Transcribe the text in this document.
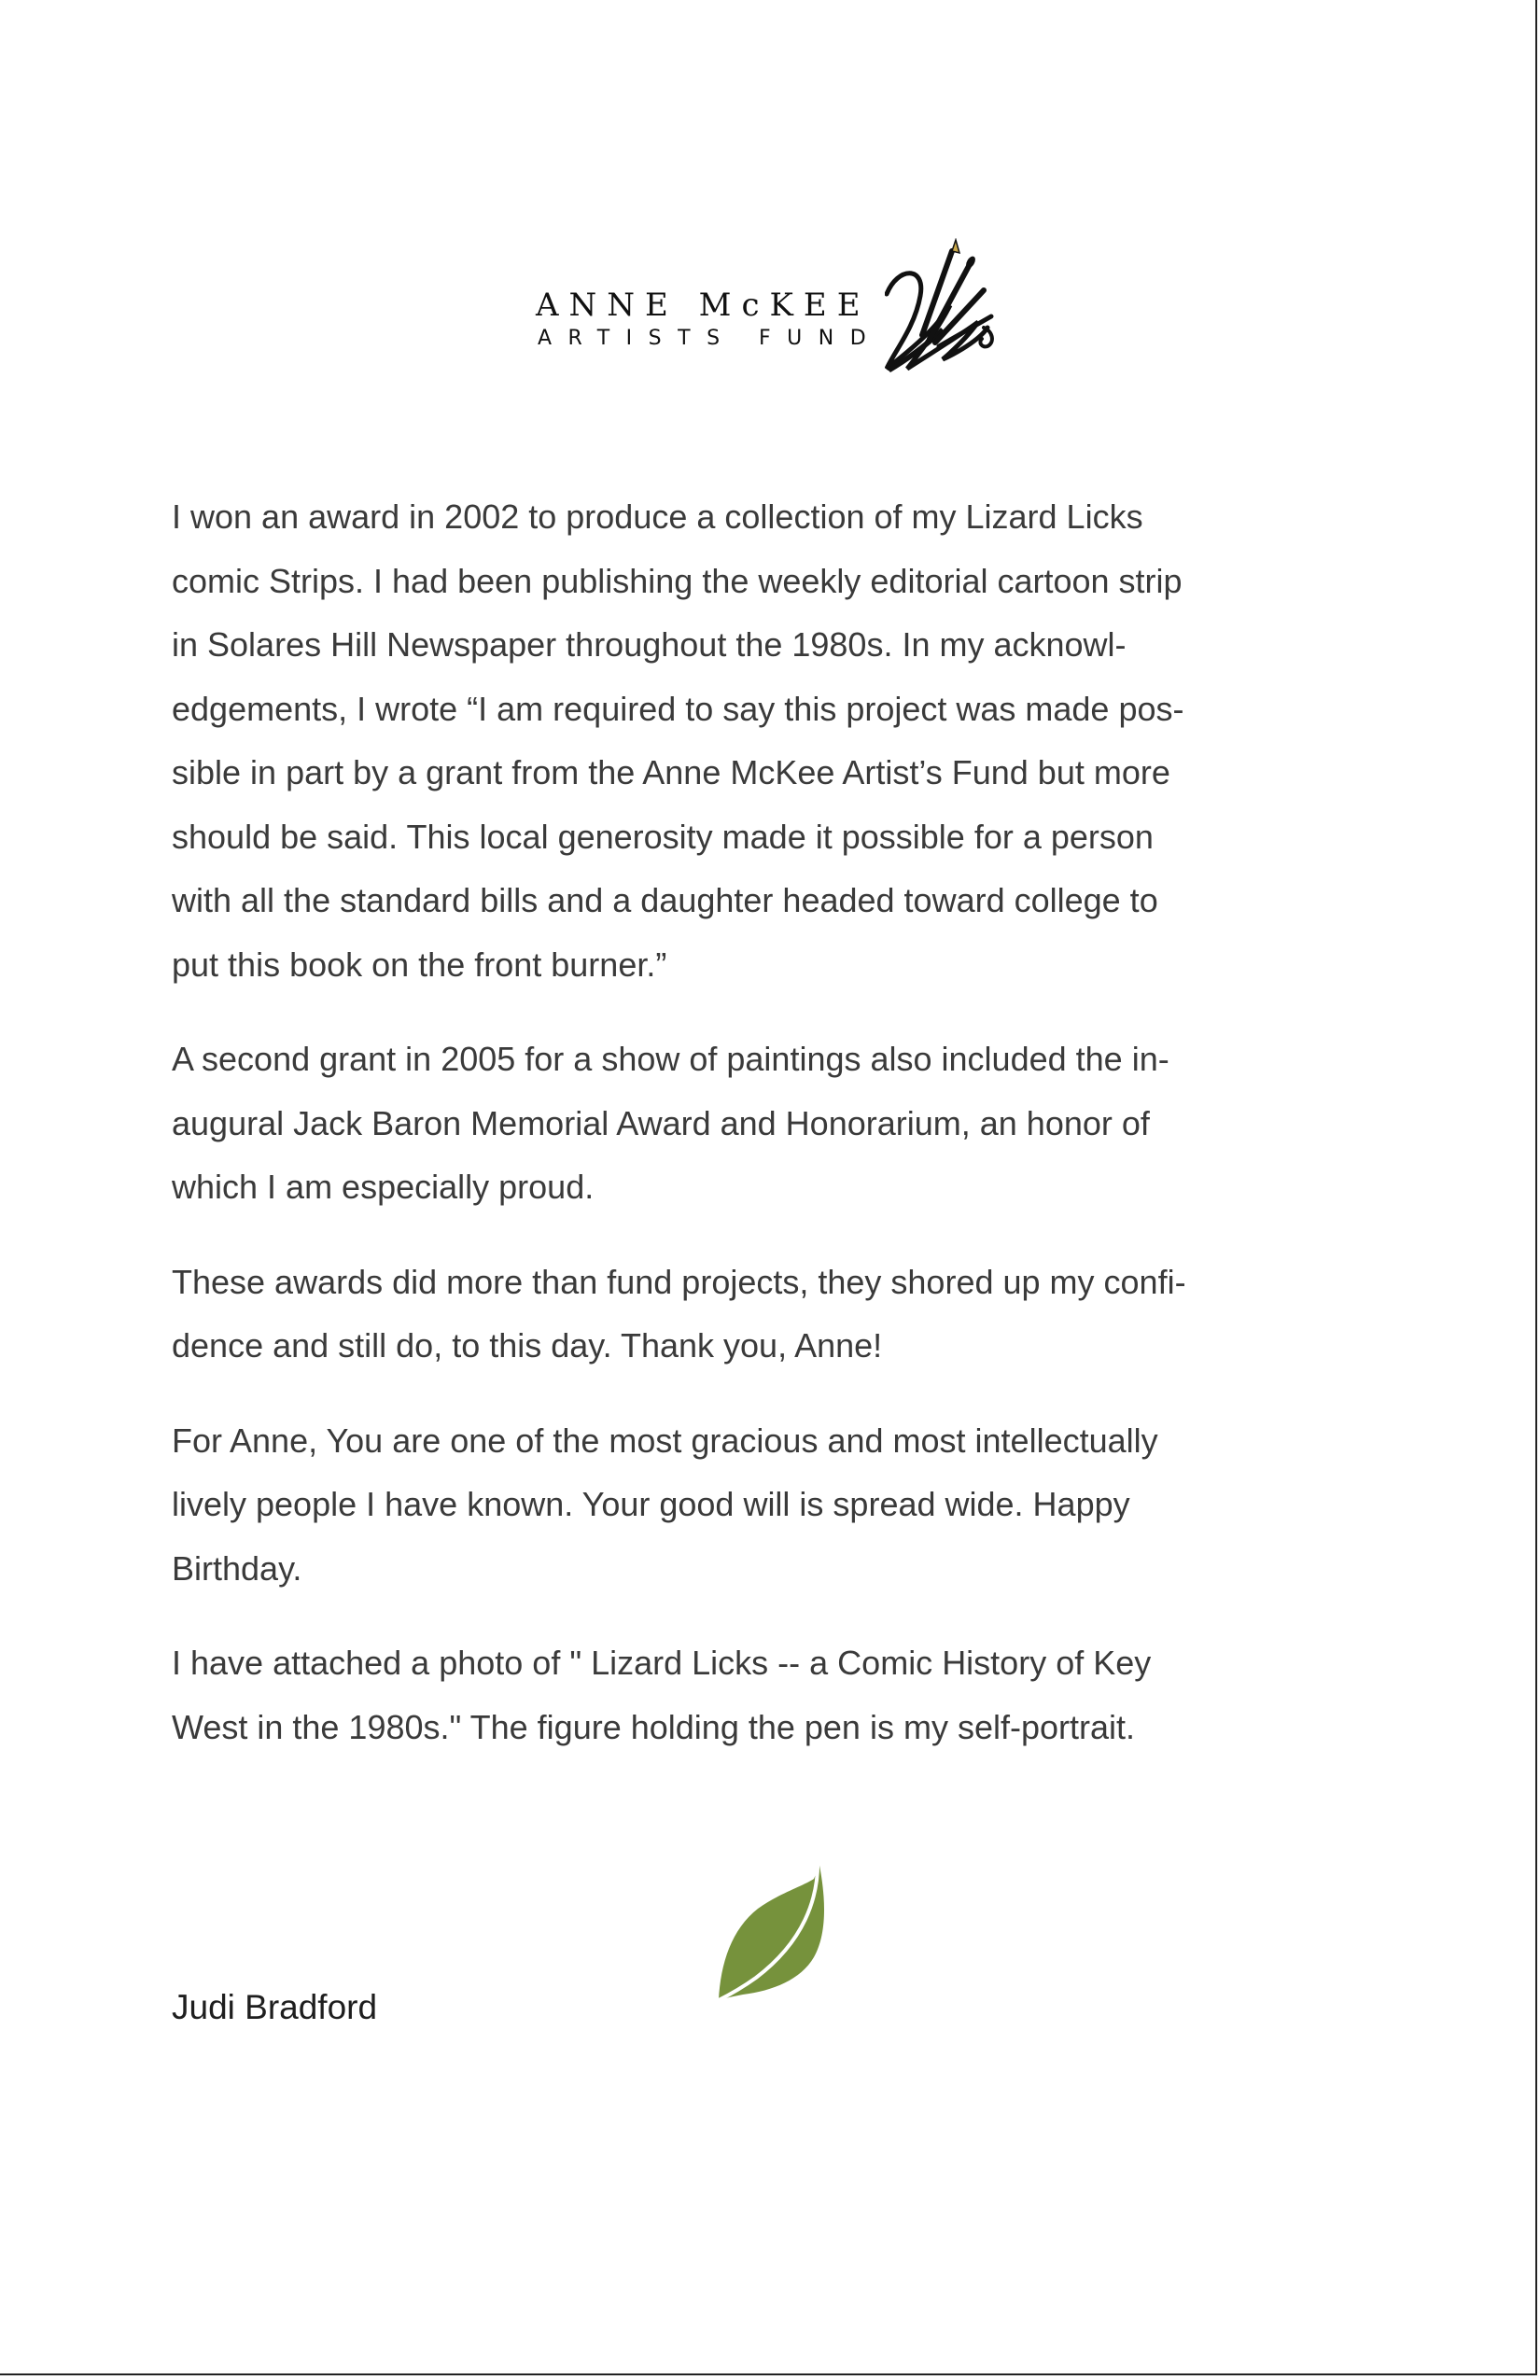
ANNE McKEE
ARTISTS FUND

I won an award in 2002 to produce a collection of my Lizard Licks
comic Strips. I had been publishing the weekly editorial cartoon strip
in Solares Hill Newspaper throughout the 1980s. In my acknowl-
edgements, I wrote “I am required to say this project was made pos-
sible in part by a grant from the Anne McKee Artist’s Fund but more
should be said. This local generosity made it possible for a person
with all the standard bills and a daughter headed toward college to
put this book on the front burner.”

A second grant in 2005 for a show of paintings also included the in-
augural Jack Baron Memorial Award and Honorarium, an honor of
which I am especially proud.

These awards did more than fund projects, they shored up my confi-
dence and still do, to this day. Thank you, Anne!

For Anne, You are one of the most gracious and most intellectually
lively people I have known. Your good will is spread wide. Happy
Birthday.

I have attached a photo of " Lizard Licks -- a Comic History of Key
West in the 1980s." The figure holding the pen is my self-portrait.

Judi Bradford
